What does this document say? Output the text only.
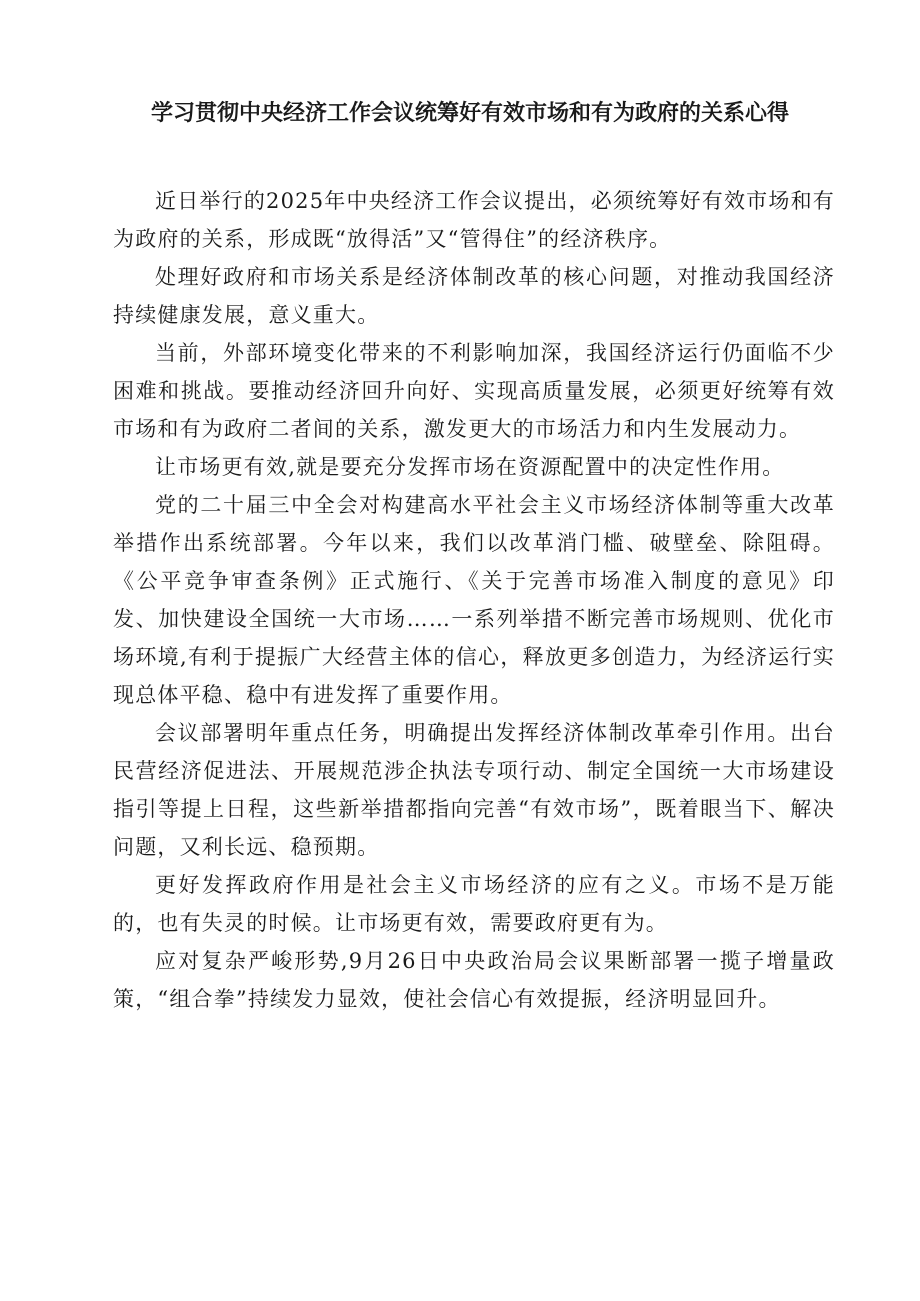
学习贯彻中央经济工作会议统筹好有效市场和有为政府的关系心得

近日举行的2025年中央经济工作会议提出，必须统筹好有效市场和有为政府的关系，形成既“放得活”又“管得住”的经济秩序。

处理好政府和市场关系是经济体制改革的核心问题，对推动我国经济持续健康发展，意义重大。

当前，外部环境变化带来的不利影响加深，我国经济运行仍面临不少困难和挑战。要推动经济回升向好、实现高质量发展，必须更好统筹有效市场和有为政府二者间的关系，激发更大的市场活力和内生发展动力。

让市场更有效,就是要充分发挥市场在资源配置中的决定性作用。

党的二十届三中全会对构建高水平社会主义市场经济体制等重大改革举措作出系统部署。今年以来，我们以改革消门槛、破壁垒、除阻碍。《公平竞争审查条例》正式施行、《关于完善市场准入制度的意见》印发、加快建设全国统一大市场……一系列举措不断完善市场规则、优化市场环境,有利于提振广大经营主体的信心，释放更多创造力，为经济运行实现总体平稳、稳中有进发挥了重要作用。

会议部署明年重点任务，明确提出发挥经济体制改革牵引作用。出台民营经济促进法、开展规范涉企执法专项行动、制定全国统一大市场建设指引等提上日程，这些新举措都指向完善“有效市场”，既着眼当下、解决问题，又利长远、稳预期。

更好发挥政府作用是社会主义市场经济的应有之义。市场不是万能的，也有失灵的时候。让市场更有效，需要政府更有为。

应对复杂严峻形势,9月26日中央政治局会议果断部署一揽子增量政策，“组合拳”持续发力显效，使社会信心有效提振，经济明显回升。
